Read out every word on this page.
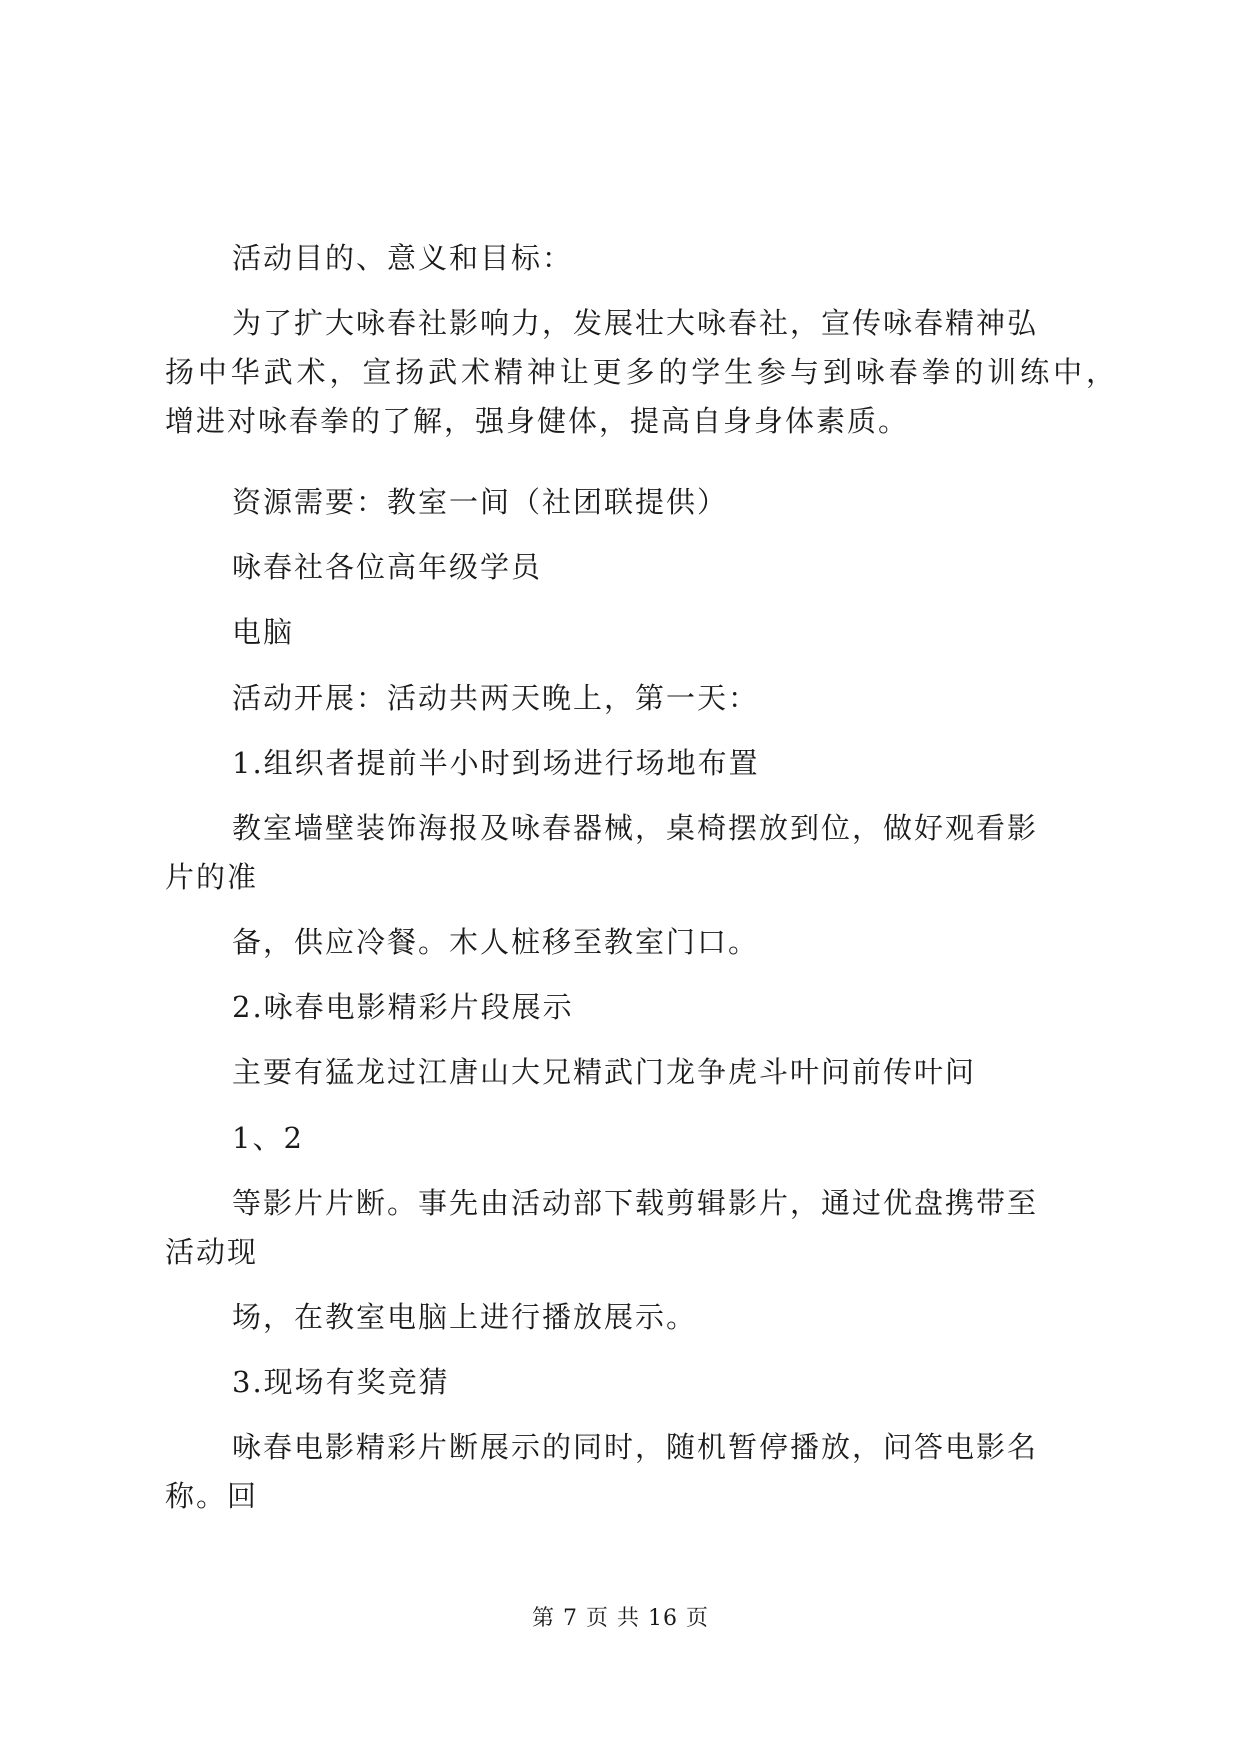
活动目的、意义和目标：
为了扩大咏春社影响力，发展壮大咏春社，宣传咏春精神弘
扬中华武术，宣扬武术精神让更多的学生参与到咏春拳的训练中，
增进对咏春拳的了解，强身健体，提高自身身体素质。
资源需要：教室一间（社团联提供）
咏春社各位高年级学员
电脑
活动开展：活动共两天晚上，第一天：
1.组织者提前半小时到场进行场地布置
教室墙壁装饰海报及咏春器械，桌椅摆放到位，做好观看影
片的准
备，供应冷餐。木人桩移至教室门口。
2.咏春电影精彩片段展示
主要有猛龙过江唐山大兄精武门龙争虎斗叶问前传叶问
1、2
等影片片断。事先由活动部下载剪辑影片，通过优盘携带至
活动现
场，在教室电脑上进行播放展示。
3.现场有奖竞猜
咏春电影精彩片断展示的同时，随机暂停播放，问答电影名
称。回
第 7 页 共 16 页
